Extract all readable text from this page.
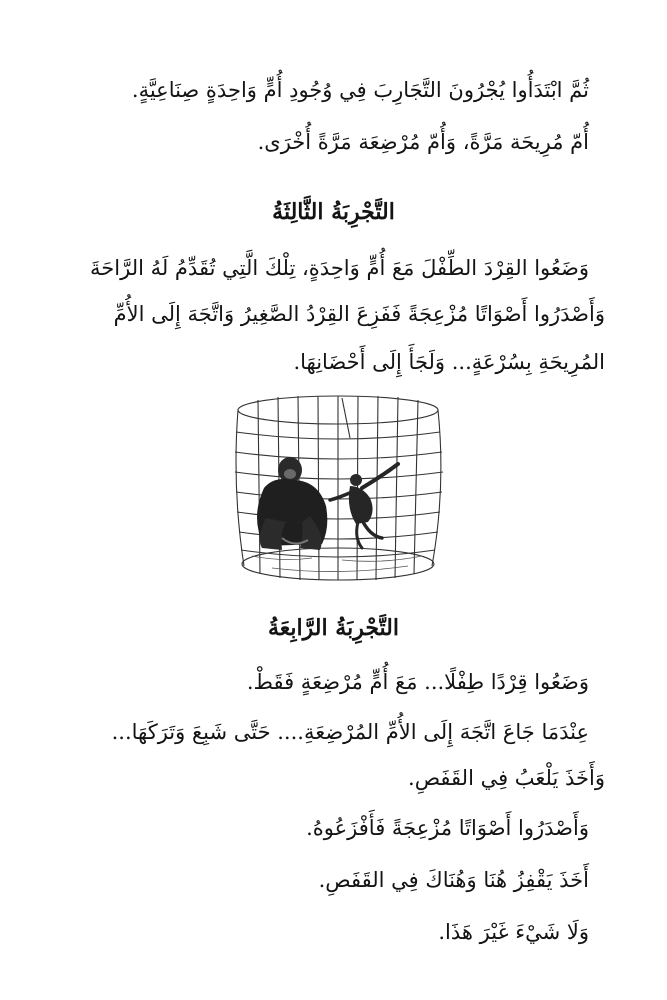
ثُمَّ ابْتَدَأُوا يُجْرُونَ التَّجَارِبَ فِي وُجُودِ أُمٍّ وَاحِدَةٍ صِنَاعِيَّةٍ.
أُمّ مُرِيحَة مَرَّةً، وَأُمّ مُرْضِعَة مَرَّةً أُخْرَى.
التَّجْرِبَةُ الثَّالِثَةُ
وَضَعُوا القِرْدَ الطِّفْلَ مَعَ أُمٍّ وَاحِدَةٍ، تِلْكَ الَّتِي تُقَدِّمُ لَهُ الرَّاحَةَ
وَأَصْدَرُوا أَصْوَاتًا مُزْعِجَةً فَفَزِعَ القِرْدُ الصَّغِيرُ وَاتَّجَهَ إِلَى الأُمِّ
المُرِيحَةِ بِسُرْعَةٍ... وَلَجَأَ إِلَى أَحْضَانِهَا.
التَّجْرِبَةُ الرَّابِعَةُ
وَضَعُوا قِرْدًا طِفْلًا... مَعَ أُمٍّ مُرْضِعَةٍ فَقَطْ.
عِنْدَمَا جَاعَ اتَّجَهَ إِلَى الأُمِّ المُرْضِعَةِ.... حَتَّى شَبِعَ وَتَرَكَهَا...
وَأَخَذَ يَلْعَبُ فِي القَفَصِ.
وَأَصْدَرُوا أَصْوَاتًا مُزْعِجَةً فَأَفْزَعُوهُ.
أَخَذَ يَقْفِزُ هُنَا وَهُنَاكَ فِي القَفَصِ.
وَلَا شَيْءَ غَيْرَ هَذَا.
